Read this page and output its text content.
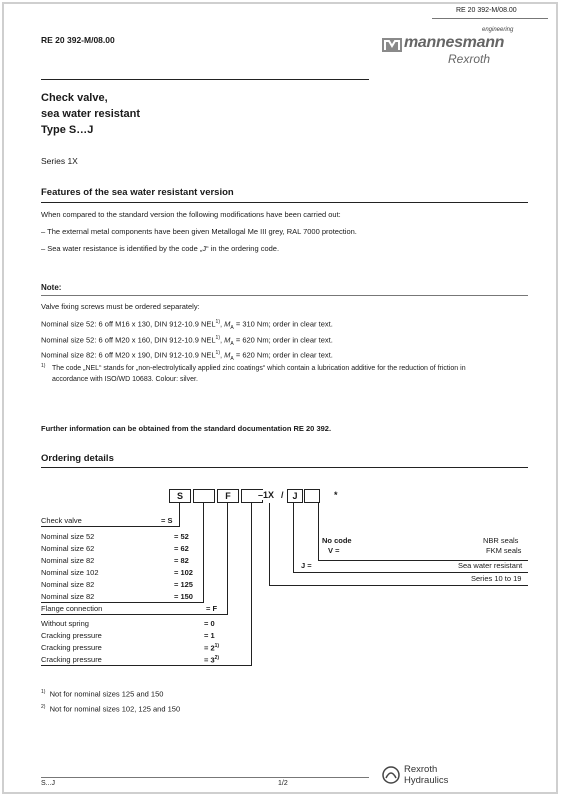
RE 20 392-M/08.00
RE 20 392-M/08.00
engineering
mannesmann
Rexroth
Check valve,
sea water resistant
Type S…J
Series 1X
Features of the sea water resistant version
When compared to the standard version the following modifications have been carried out:
– The external metal components have been given Metallogal Me III grey, RAL 7000 protection.
– Sea water resistance is identified by the code „J“ in the ordering code.
Note:
Valve fixing screws must be ordered separately:
Nominal size 52: 6 off M16 x 130, DIN 912-10.9 NEL$^{1)}$, $M_A = 310$ Nm; order in clear text.
Nominal size 52: 6 off M20 x 160, DIN 912-10.9 NEL$^{1)}$, $M_A = 620$ Nm; order in clear text.
Nominal size 82: 6 off M20 x 190, DIN 912-10.9 NEL$^{1)}$, $M_A = 620$ Nm; order in clear text.
1) The code „NEL“ stands for „non-electrolytically applied zinc coatings“ which contain a lubrication additive for the reduction of friction in
accordance with ISO/WD 10683. Colour: silver.
Further information can be obtained from the standard documentation RE 20 392.
Ordering details
S	F	–1X / J	*
Check valve	= S
Nominal size 52	= 52
Nominal size 62	= 62
Nominal size 82	= 82
Nominal size 102	= 102
Nominal size 82	= 125
Nominal size 82	= 150
Flange connection	= F
Without spring	= 0
Cracking pressure	= 1
Cracking pressure	= $2^{1)}$
Cracking pressure	= $3^{2)}$
No code	NBR seals
V =	FKM seals
J =	Sea water resistant
Series 10 to 19
$^{1)}$ Not for nominal sizes 125 and 150
$^{2)}$ Not for nominal sizes 102, 125 and 150
S...J	1/2
Rexroth
Hydraulics
